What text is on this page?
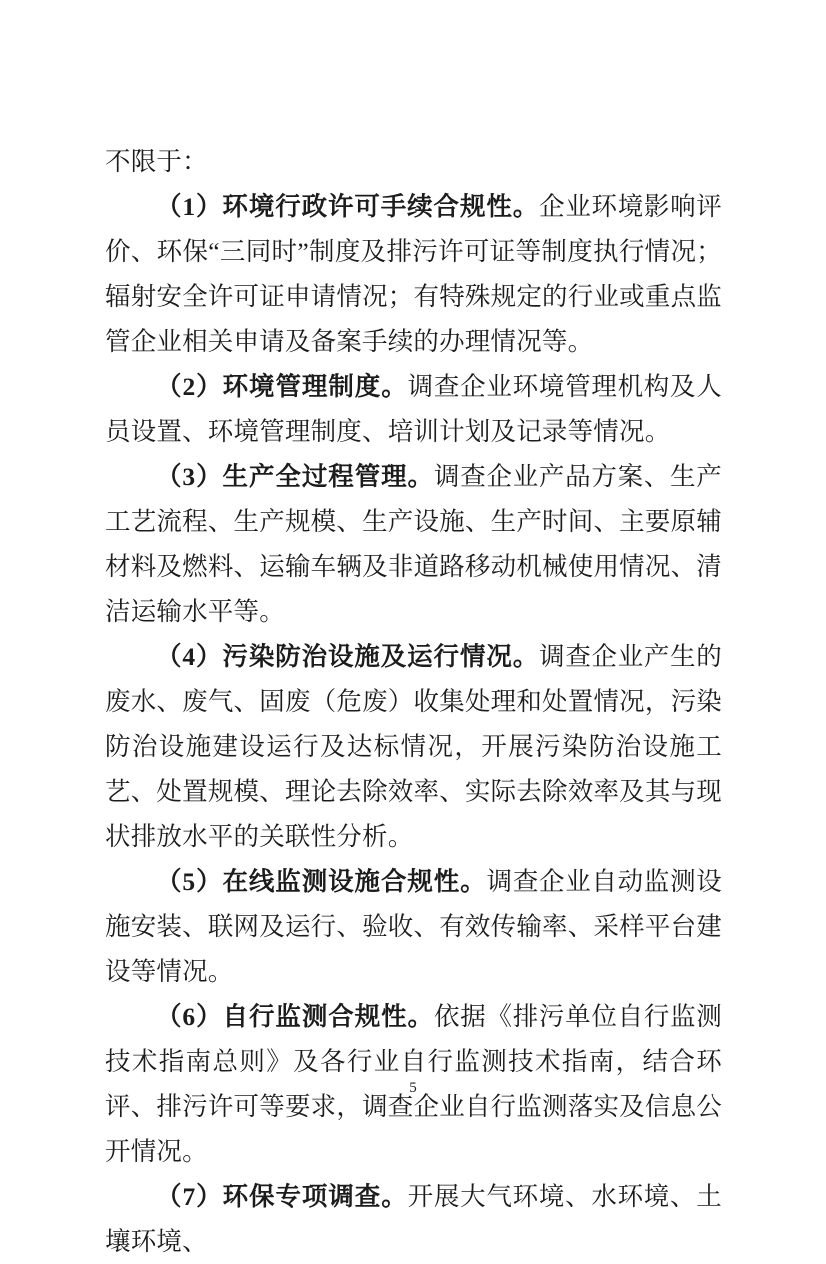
不限于：

（1）环境行政许可手续合规性。企业环境影响评价、环保“三同时”制度及排污许可证等制度执行情况；辐射安全许可证申请情况；有特殊规定的行业或重点监管企业相关申请及备案手续的办理情况等。

（2）环境管理制度。调查企业环境管理机构及人员设置、环境管理制度、培训计划及记录等情况。

（3）生产全过程管理。调查企业产品方案、生产工艺流程、生产规模、生产设施、生产时间、主要原辅材料及燃料、运输车辆及非道路移动机械使用情况、清洁运输水平等。

（4）污染防治设施及运行情况。调查企业产生的废水、废气、固废（危废）收集处理和处置情况，污染防治设施建设运行及达标情况，开展污染防治设施工艺、处置规模、理论去除效率、实际去除效率及其与现状排放水平的关联性分析。

（5）在线监测设施合规性。调查企业自动监测设施安装、联网及运行、验收、有效传输率、采样平台建设等情况。

（6）自行监测合规性。依据《排污单位自行监测技术指南总则》及各行业自行监测技术指南，结合环评、排污许可等要求，调查企业自行监测落实及信息公开情况。

（7）环保专项调查。开展大气环境、水环境、土壤环境、

5
